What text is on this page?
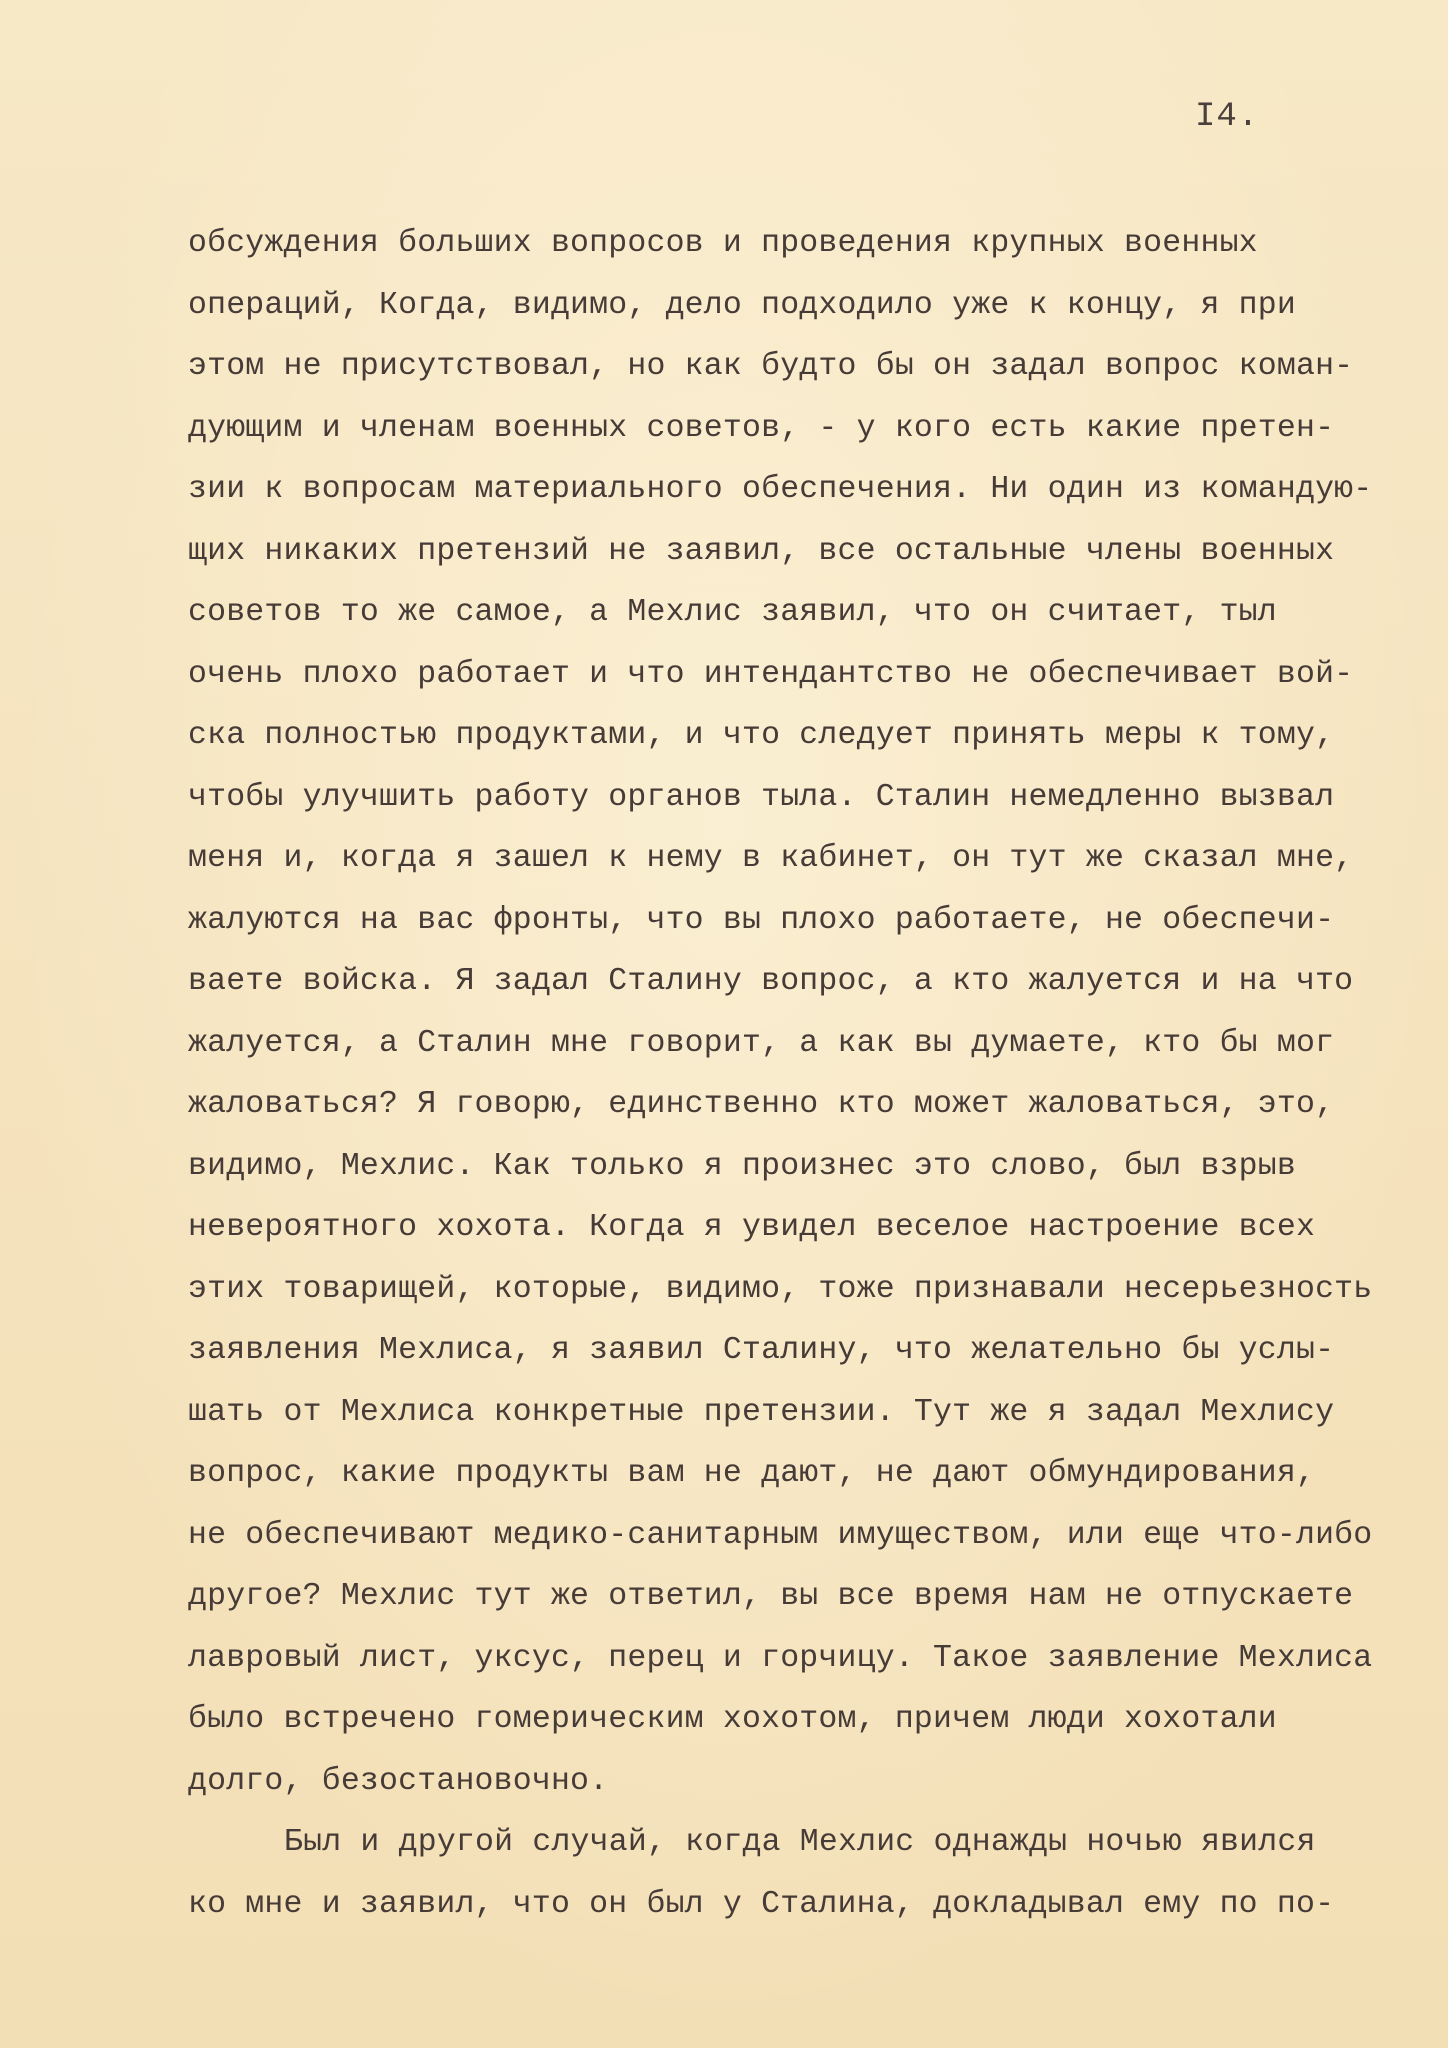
I4.

обсуждения больших вопросов и проведения крупных военных
операций, Когда, видимо, дело подходило уже к концу, я при
этом не присутствовал, но как будто бы он задал вопрос коман-
дующим и членам военных советов, - у кого есть какие претен-
зии к вопросам материального обеспечения. Ни один из командую-
щих никаких претензий не заявил, все остальные члены военных
советов то же самое, а Мехлис заявил, что он считает, тыл
очень плохо работает и что интендантство не обеспечивает вой-
ска полностью продуктами, и что следует принять меры к тому,
чтобы улучшить работу органов тыла. Сталин немедленно вызвал
меня и, когда я зашел к нему в кабинет, он тут же сказал мне,
жалуются на вас фронты, что вы плохо работаете, не обеспечи-
ваете войска. Я задал Сталину вопрос, а кто жалуется и на что
жалуется, а Сталин мне говорит, а как вы думаете, кто бы мог
жаловаться? Я говорю, единственно кто может жаловаться, это,
видимо, Мехлис. Как только я произнес это слово, был взрыв
невероятного хохота. Когда я увидел веселое настроение всех
этих товарищей, которые, видимо, тоже признавали несерьезность
заявления Мехлиса, я заявил Сталину, что желательно бы услы-
шать от Мехлиса конкретные претензии. Тут же я задал Мехлису
вопрос, какие продукты вам не дают, не дают обмундирования,
не обеспечивают медико-санитарным имуществом, или еще что-либо
другое? Мехлис тут же ответил, вы все время нам не отпускаете
лавровый лист, уксус, перец и горчицу. Такое заявление Мехлиса
было встречено гомерическим хохотом, причем люди хохотали
долго, безостановочно.
Был и другой случай, когда Мехлис однажды ночью явился
ко мне и заявил, что он был у Сталина, докладывал ему по по-
